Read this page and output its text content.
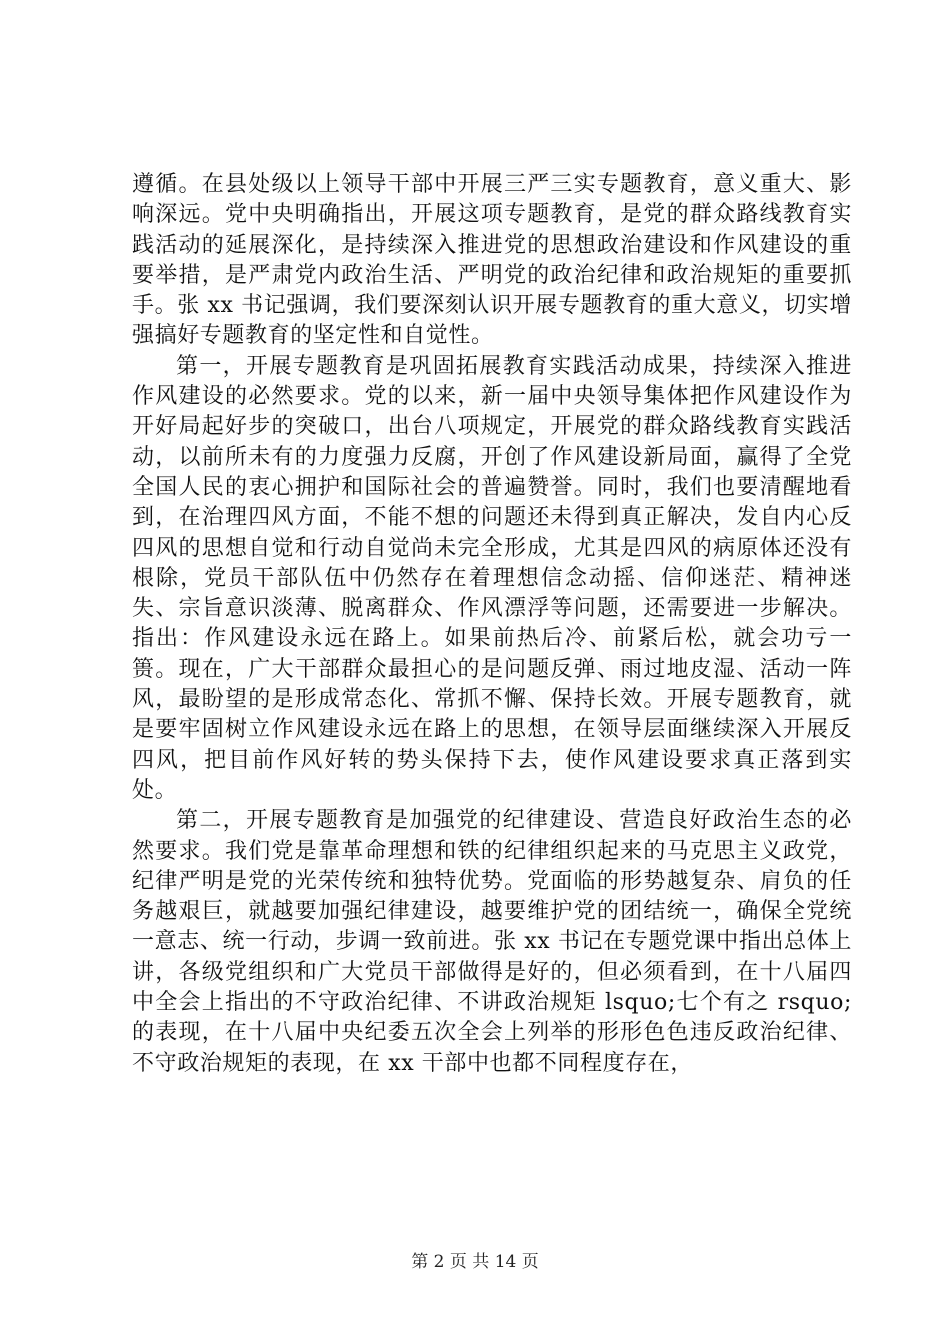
遵循。在县处级以上领导干部中开展三严三实专题教育，意义重大、影响深远。党中央明确指出，开展这项专题教育，是党的群众路线教育实践活动的延展深化，是持续深入推进党的思想政治建设和作风建设的重要举措，是严肃党内政治生活、严明党的政治纪律和政治规矩的重要抓手。张 xx 书记强调，我们要深刻认识开展专题教育的重大意义，切实增强搞好专题教育的坚定性和自觉性。

第一，开展专题教育是巩固拓展教育实践活动成果，持续深入推进作风建设的必然要求。党的以来，新一届中央领导集体把作风建设作为开好局起好步的突破口，出台八项规定，开展党的群众路线教育实践活动，以前所未有的力度强力反腐，开创了作风建设新局面，赢得了全党全国人民的衷心拥护和国际社会的普遍赞誉。同时，我们也要清醒地看到，在治理四风方面，不能不想的问题还未得到真正解决，发自内心反四风的思想自觉和行动自觉尚未完全形成，尤其是四风的病原体还没有根除，党员干部队伍中仍然存在着理想信念动摇、信仰迷茫、精神迷失、宗旨意识淡薄、脱离群众、作风漂浮等问题，还需要进一步解决。指出：作风建设永远在路上。如果前热后冷、前紧后松，就会功亏一篑。现在，广大干部群众最担心的是问题反弹、雨过地皮湿、活动一阵风，最盼望的是形成常态化、常抓不懈、保持长效。开展专题教育，就是要牢固树立作风建设永远在路上的思想，在领导层面继续深入开展反四风，把目前作风好转的势头保持下去，使作风建设要求真正落到实处。

第二，开展专题教育是加强党的纪律建设、营造良好政治生态的必然要求。我们党是靠革命理想和铁的纪律组织起来的马克思主义政党，纪律严明是党的光荣传统和独特优势。党面临的形势越复杂、肩负的任务越艰巨，就越要加强纪律建设，越要维护党的团结统一，确保全党统一意志、统一行动，步调一致前进。张 xx 书记在专题党课中指出总体上讲，各级党组织和广大党员干部做得是好的，但必须看到，在十八届四中全会上指出的不守政治纪律、不讲政治规矩 lsquo;七个有之 rsquo;的表现，在十八届中央纪委五次全会上列举的形形色色违反政治纪律、不守政治规矩的表现，在 xx 干部中也都不同程度存在，

第 2 页 共 14 页
